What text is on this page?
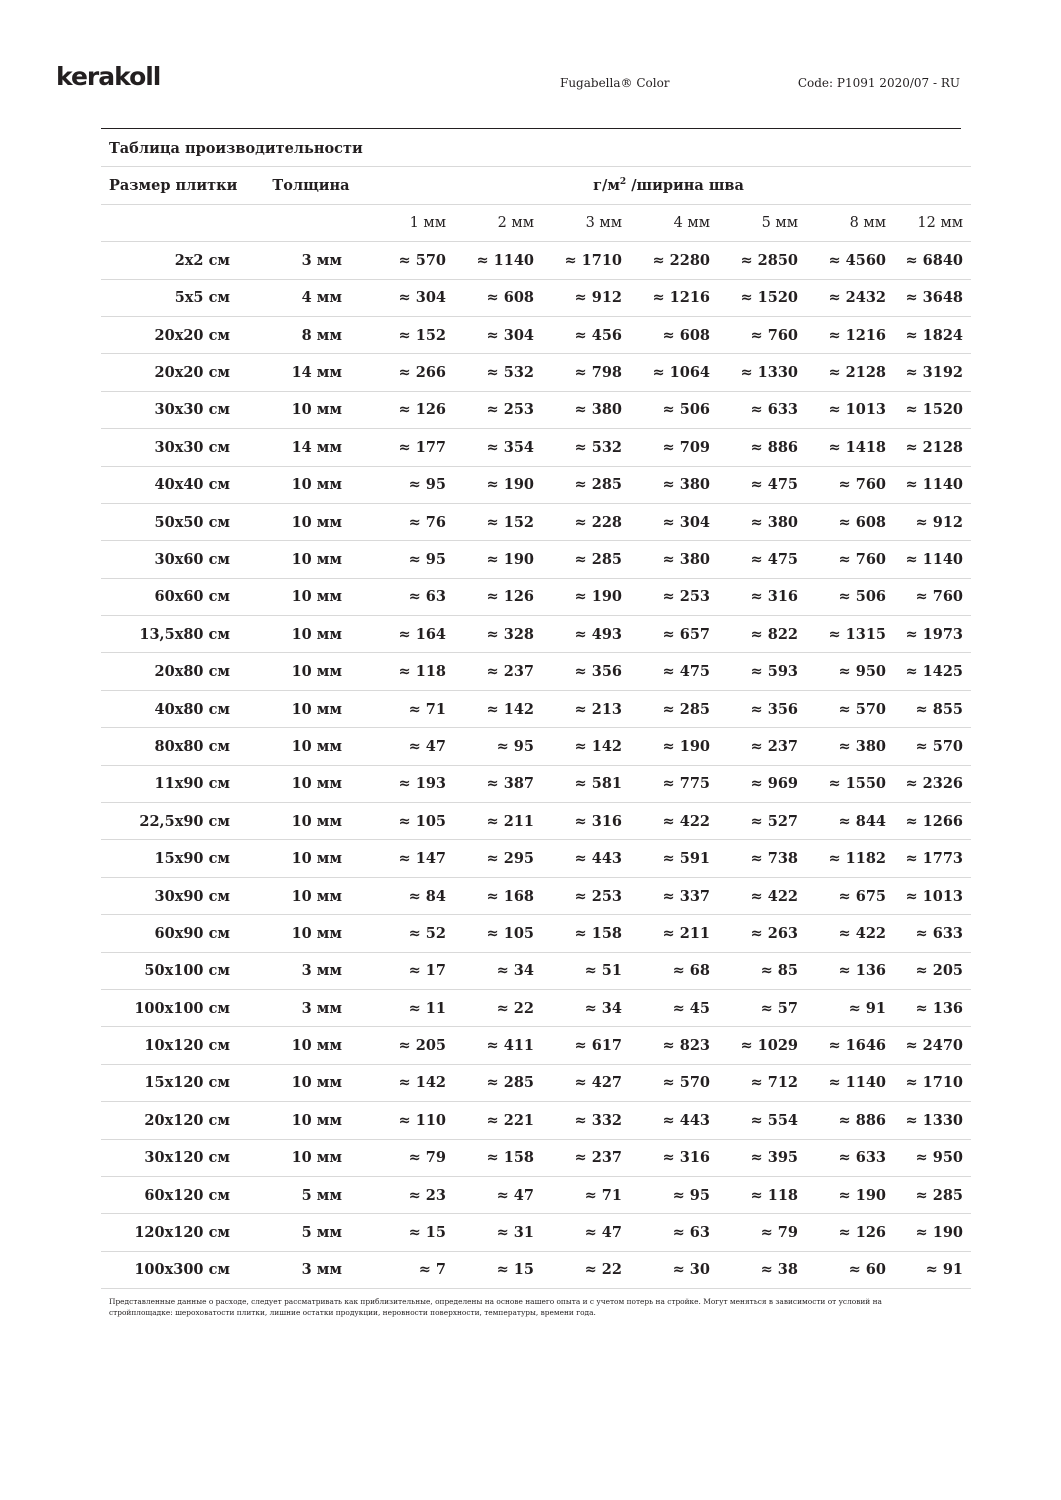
kerakoll	Fugabella® Color	Code: P1091 2020/07 - RU
Таблица производительности								
Размер плитки	Толщина	$г/м^2$ /ширина шва						
		1 мм	2 мм	3 мм	4 мм	5 мм	8 мм	12 мм
2x2 см	3 мм	≈ 570	≈ 1140	≈ 1710	≈ 2280	≈ 2850	≈ 4560	≈ 6840
5x5 см	4 мм	≈ 304	≈ 608	≈ 912	≈ 1216	≈ 1520	≈ 2432	≈ 3648
20x20 см	8 мм	≈ 152	≈ 304	≈ 456	≈ 608	≈ 760	≈ 1216	≈ 1824
20x20 см	14 мм	≈ 266	≈ 532	≈ 798	≈ 1064	≈ 1330	≈ 2128	≈ 3192
30x30 см	10 мм	≈ 126	≈ 253	≈ 380	≈ 506	≈ 633	≈ 1013	≈ 1520
30x30 см	14 мм	≈ 177	≈ 354	≈ 532	≈ 709	≈ 886	≈ 1418	≈ 2128
40x40 см	10 мм	≈ 95	≈ 190	≈ 285	≈ 380	≈ 475	≈ 760	≈ 1140
50x50 см	10 мм	≈ 76	≈ 152	≈ 228	≈ 304	≈ 380	≈ 608	≈ 912
30x60 см	10 мм	≈ 95	≈ 190	≈ 285	≈ 380	≈ 475	≈ 760	≈ 1140
60x60 см	10 мм	≈ 63	≈ 126	≈ 190	≈ 253	≈ 316	≈ 506	≈ 760
13,5x80 см	10 мм	≈ 164	≈ 328	≈ 493	≈ 657	≈ 822	≈ 1315	≈ 1973
20x80 см	10 мм	≈ 118	≈ 237	≈ 356	≈ 475	≈ 593	≈ 950	≈ 1425
40x80 см	10 мм	≈ 71	≈ 142	≈ 213	≈ 285	≈ 356	≈ 570	≈ 855
80x80 см	10 мм	≈ 47	≈ 95	≈ 142	≈ 190	≈ 237	≈ 380	≈ 570
11x90 см	10 мм	≈ 193	≈ 387	≈ 581	≈ 775	≈ 969	≈ 1550	≈ 2326
22,5x90 см	10 мм	≈ 105	≈ 211	≈ 316	≈ 422	≈ 527	≈ 844	≈ 1266
15x90 см	10 мм	≈ 147	≈ 295	≈ 443	≈ 591	≈ 738	≈ 1182	≈ 1773
30x90 см	10 мм	≈ 84	≈ 168	≈ 253	≈ 337	≈ 422	≈ 675	≈ 1013
60x90 см	10 мм	≈ 52	≈ 105	≈ 158	≈ 211	≈ 263	≈ 422	≈ 633
50x100 см	3 мм	≈ 17	≈ 34	≈ 51	≈ 68	≈ 85	≈ 136	≈ 205
100x100 см	3 мм	≈ 11	≈ 22	≈ 34	≈ 45	≈ 57	≈ 91	≈ 136
10x120 см	10 мм	≈ 205	≈ 411	≈ 617	≈ 823	≈ 1029	≈ 1646	≈ 2470
15x120 см	10 мм	≈ 142	≈ 285	≈ 427	≈ 570	≈ 712	≈ 1140	≈ 1710
20x120 см	10 мм	≈ 110	≈ 221	≈ 332	≈ 443	≈ 554	≈ 886	≈ 1330
30x120 см	10 мм	≈ 79	≈ 158	≈ 237	≈ 316	≈ 395	≈ 633	≈ 950
60x120 см	5 мм	≈ 23	≈ 47	≈ 71	≈ 95	≈ 118	≈ 190	≈ 285
120x120 см	5 мм	≈ 15	≈ 31	≈ 47	≈ 63	≈ 79	≈ 126	≈ 190
100x300 см	3 мм	≈ 7	≈ 15	≈ 22	≈ 30	≈ 38	≈ 60	≈ 91
Представленные данные о расходе, следует рассматривать как приблизительные, определены на основе нашего опыта и с учетом потерь на стройке. Могут меняться в зависимости от условий на стройплощадке: шероховатости плитки, лишние остатки продукции, неровности поверхности, температуры, времени года.
